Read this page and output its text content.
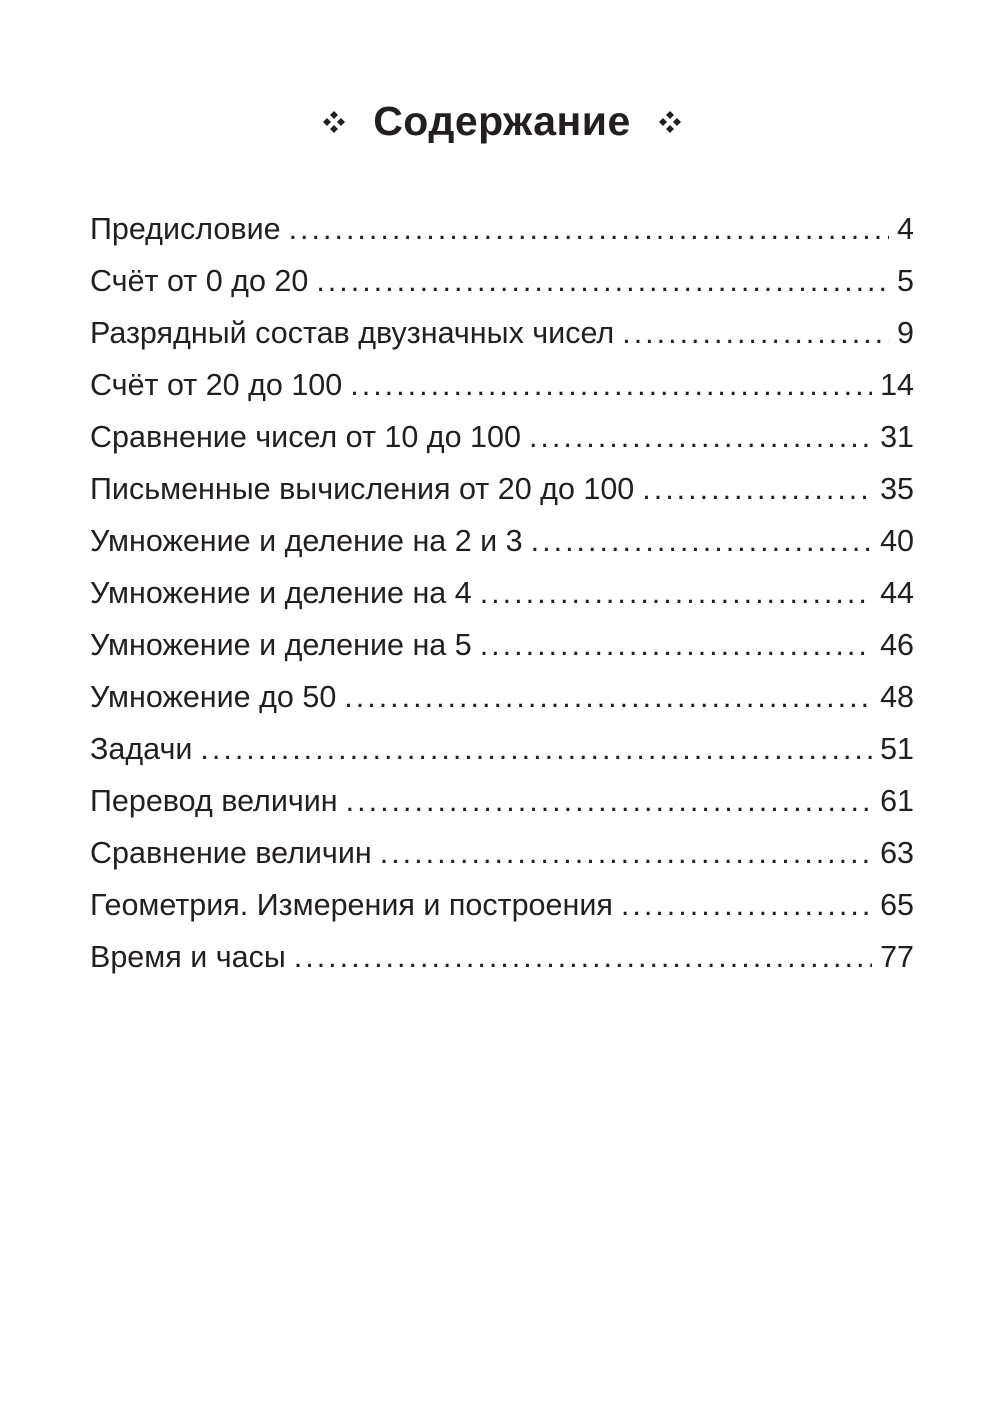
Содержание
Предисловие .....	4
Счёт от 0 до 20 .....	5
Разрядный состав двузначных чисел .....	9
Счёт от 20 до 100 .....	14
Сравнение чисел от 10 до 100 .....	31
Письменные вычисления от 20 до 100 .....	35
Умножение и деление на 2 и 3 .....	40
Умножение и деление на 4 .....	44
Умножение и деление на 5 .....	46
Умножение до 50 .....	48
Задачи .....	51
Перевод величин .....	61
Сравнение величин .....	63
Геометрия. Измерения и построения .....	65
Время и часы .....	77
